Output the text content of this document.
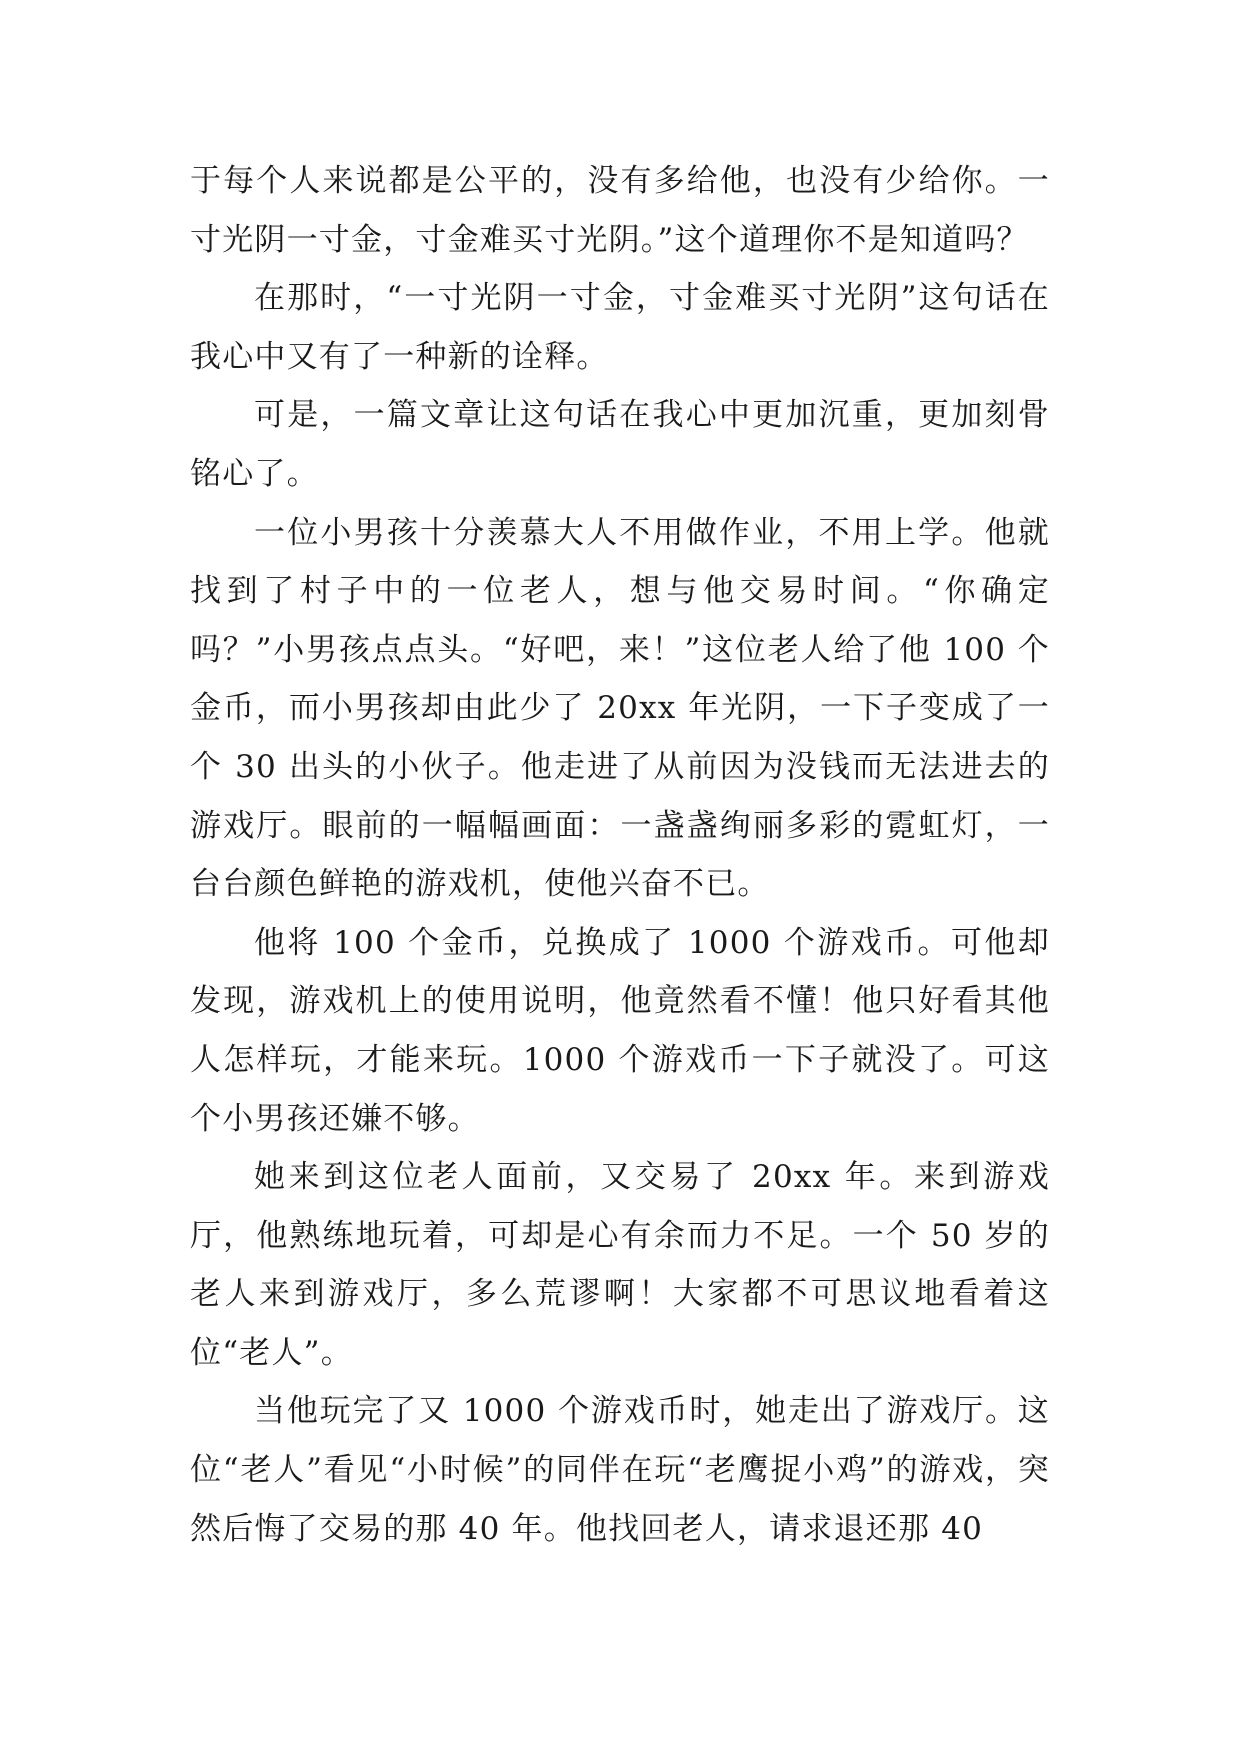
于每个人来说都是公平的，没有多给他，也没有少给你。一寸光阴一寸金，寸金难买寸光阴。”这个道理你不是知道吗？

在那时，“一寸光阴一寸金，寸金难买寸光阴”这句话在我心中又有了一种新的诠释。

可是，一篇文章让这句话在我心中更加沉重，更加刻骨铭心了。

一位小男孩十分羡慕大人不用做作业，不用上学。他就找到了村子中的一位老人，想与他交易时间。“你确定吗？”小男孩点点头。“好吧，来！”这位老人给了他 100 个金币，而小男孩却由此少了 20xx 年光阴，一下子变成了一个 30 出头的小伙子。他走进了从前因为没钱而无法进去的游戏厅。眼前的一幅幅画面：一盏盏绚丽多彩的霓虹灯，一台台颜色鲜艳的游戏机，使他兴奋不已。

他将 100 个金币，兑换成了 1000 个游戏币。可他却发现，游戏机上的使用说明，他竟然看不懂！他只好看其他人怎样玩，才能来玩。1000 个游戏币一下子就没了。可这个小男孩还嫌不够。

她来到这位老人面前，又交易了 20xx 年。来到游戏厅，他熟练地玩着，可却是心有余而力不足。一个 50 岁的老人来到游戏厅，多么荒谬啊！大家都不可思议地看着这位“老人”。

当他玩完了又 1000 个游戏币时，她走出了游戏厅。这位“老人”看见“小时候”的同伴在玩“老鹰捉小鸡”的游戏，突然后悔了交易的那 40 年。他找回老人，请求退还那 40
